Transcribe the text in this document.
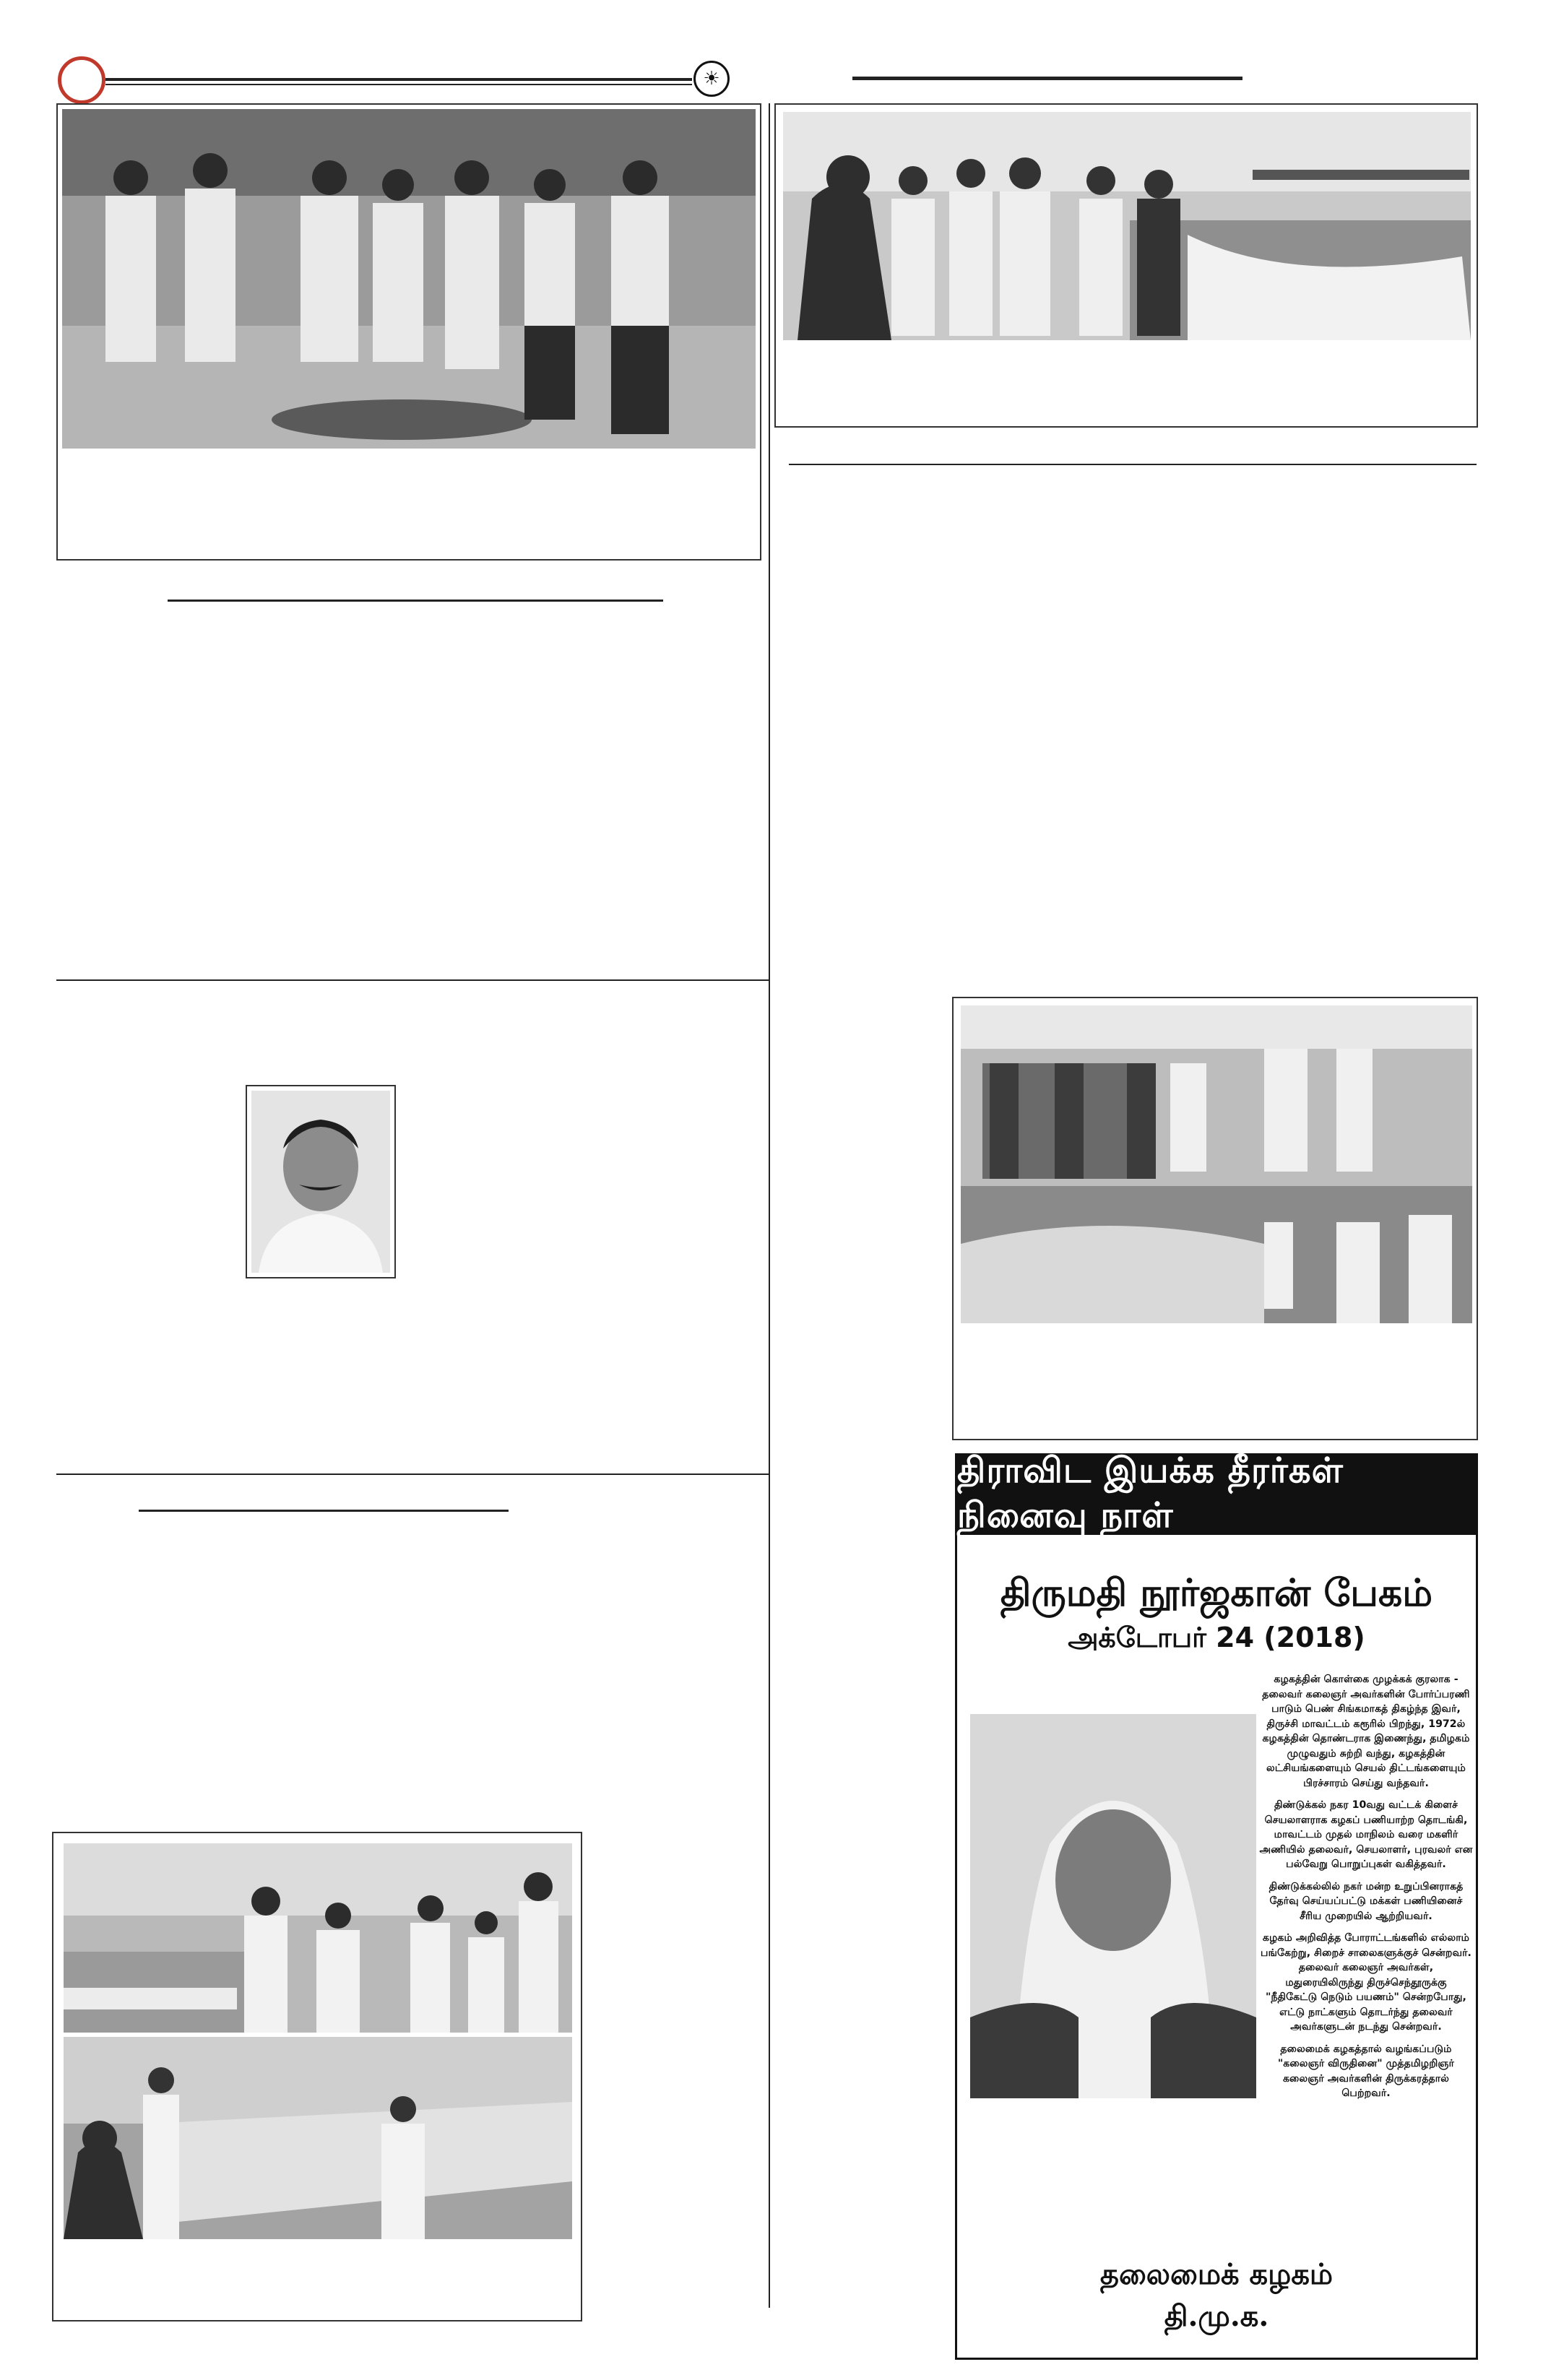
☀
திராவிட இயக்க தீரர்கள் நினைவு நாள்
திருமதி நூர்ஜகான் பேகம்
அக்டோபர் 24 (2018)

கழகத்தின் கொள்கை முழக்கக் குரலாக - தலைவர் கலைஞர் அவர்களின் போர்ப்பரணி பாடும் பெண் சிங்கமாகத் திகழ்ந்த இவர், திருச்சி மாவட்டம் கரூரில் பிறந்து, 1972ல் கழகத்தின் தொண்டராக இணைந்து, தமிழகம் முழுவதும் சுற்றி வந்து, கழகத்தின் லட்சியங்களையும் செயல் திட்டங்களையும் பிரச்சாரம் செய்து வந்தவர்.

திண்டுக்கல் நகர 10வது வட்டக் கிளைச் செயலாளராக கழகப் பணியாற்ற தொடங்கி, மாவட்டம் முதல் மாநிலம் வரை மகளிர் அணியில் தலைவர், செயலாளர், புரவலர் என பல்வேறு பொறுப்புகள் வகித்தவர்.

திண்டுக்கல்லில் நகர் மன்ற உறுப்பினராகத் தேர்வு செய்யப்பட்டு மக்கள் பணியினைச் சீரிய முறையில் ஆற்றியவர்.

கழகம் அறிவித்த போராட்டங்களில் எல்லாம் பங்கேற்று, சிறைச் சாலைகளுக்குச் சென்றவர். தலைவர் கலைஞர் அவர்கள், மதுரையிலிருந்து திருச்செந்தூருக்கு "நீதிகேட்டு நெடும் பயணம்" சென்றபோது, எட்டு நாட்களும் தொடர்ந்து தலைவர் அவர்களுடன் நடந்து சென்றவர்.

தலைமைக் கழகத்தால் வழங்கப்படும் "கலைஞர் விருதினை" முத்தமிழறிஞர் கலைஞர் அவர்களின் திருக்கரத்தால் பெற்றவர்.

தலைமைக் கழகம்
தி.மு.க.
